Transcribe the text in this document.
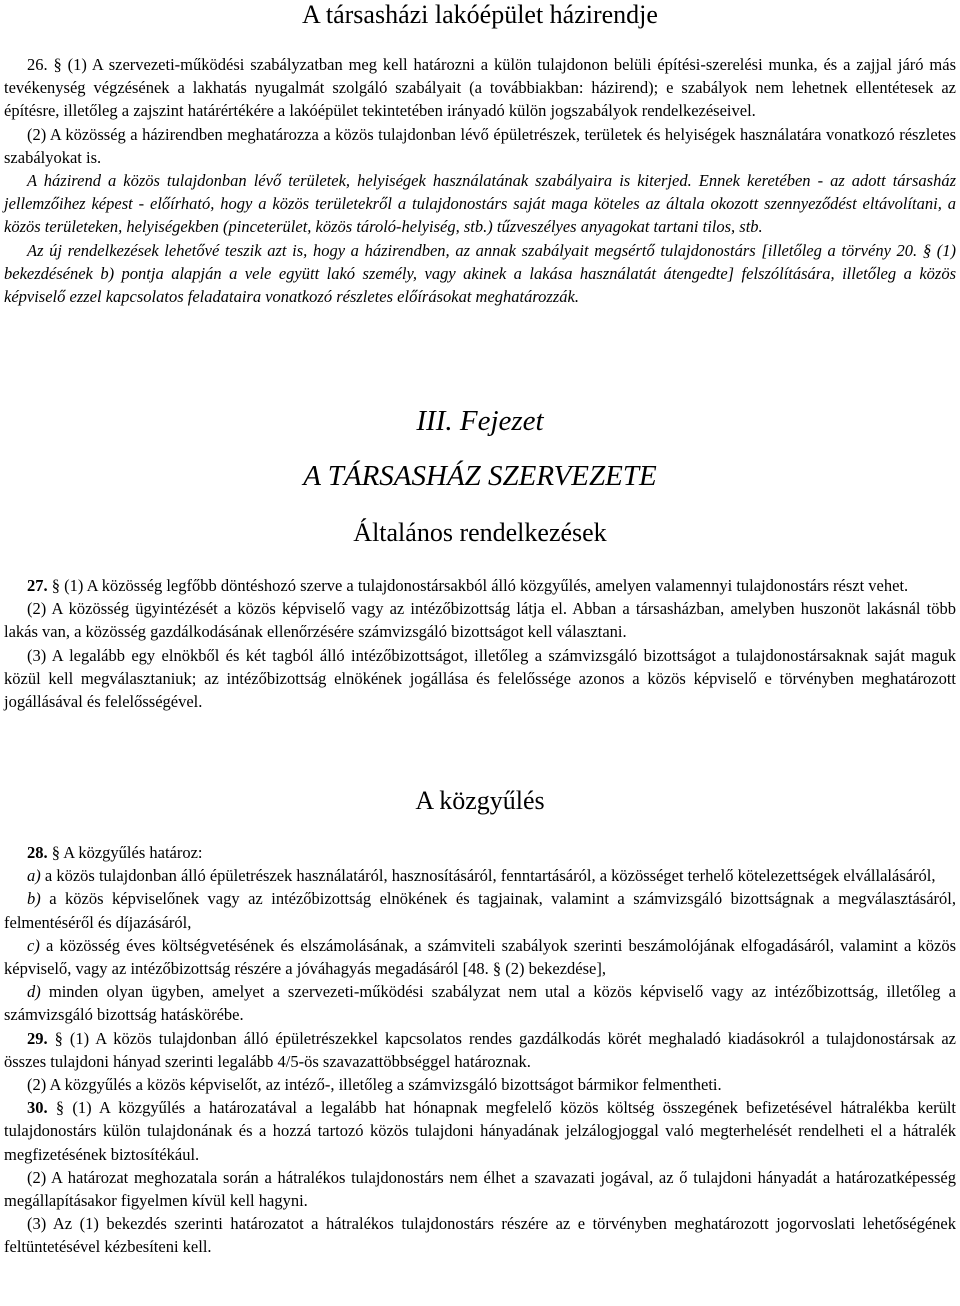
A társasházi lakóépület házirendje

26. § (1) A szervezeti-működési szabályzatban meg kell határozni a külön tulajdonon belüli építési-szerelési munka, és a zajjal járó más tevékenység végzésének a lakhatás nyugalmát szolgáló szabályait (a továbbiakban: házirend); e szabályok nem lehetnek ellentétesek az építésre, illetőleg a zajszint határértékére a lakóépület tekintetében irányadó külön jogszabályok rendelkezéseivel.

(2) A közösség a házirendben meghatározza a közös tulajdonban lévő épületrészek, területek és helyiségek használatára vonatkozó részletes szabályokat is.

A házirend a közös tulajdonban lévő területek, helyiségek használatának szabályaira is kiterjed. Ennek keretében - az adott társasház jellemzőihez képest - előírható, hogy a közös területekről a tulajdonostárs saját maga köteles az általa okozott szennyeződést eltávolítani, a közös területeken, helyiségekben (pinceterület, közös tároló-helyiség, stb.) tűzveszélyes anyagokat tartani tilos, stb.

Az új rendelkezések lehetővé teszik azt is, hogy a házirendben, az annak szabályait megsértő tulajdonostárs [illetőleg a törvény 20. § (1) bekezdésének b) pontja alapján a vele együtt lakó személy, vagy akinek a lakása használatát átengedte] felszólítására, illetőleg a közös képviselő ezzel kapcsolatos feladataira vonatkozó részletes előírásokat meghatározzák.

III. Fejezet
A TÁRSASHÁZ SZERVEZETE
Általános rendelkezések

27. § (1) A közösség legfőbb döntéshozó szerve a tulajdonostársakból álló közgyűlés, amelyen valamennyi tulajdonostárs részt vehet.

(2) A közösség ügyintézését a közös képviselő vagy az intézőbizottság látja el. Abban a társasházban, amelyben huszonöt lakásnál több lakás van, a közösség gazdálkodásának ellenőrzésére számvizsgáló bizottságot kell választani.

(3) A legalább egy elnökből és két tagból álló intézőbizottságot, illetőleg a számvizsgáló bizottságot a tulajdonostársaknak saját maguk közül kell megválasztaniuk; az intézőbizottság elnökének jogállása és felelőssége azonos a közös képviselő e törvényben meghatározott jogállásával és felelősségével.

A közgyűlés

28. § A közgyűlés határoz:

a) a közös tulajdonban álló épületrészek használatáról, hasznosításáról, fenntartásáról, a közösséget terhelő kötelezettségek elvállalásáról,

b) a közös képviselőnek vagy az intézőbizottság elnökének és tagjainak, valamint a számvizsgáló bizottságnak a megválasztásáról, felmentéséről és díjazásáról,

c) a közösség éves költségvetésének és elszámolásának, a számviteli szabályok szerinti beszámolójának elfogadásáról, valamint a közös képviselő, vagy az intézőbizottság részére a jóváhagyás megadásáról [48. § (2) bekezdése],

d) minden olyan ügyben, amelyet a szervezeti-működési szabályzat nem utal a közös képviselő vagy az intézőbizottság, illetőleg a számvizsgáló bizottság hatáskörébe.

29. § (1) A közös tulajdonban álló épületrészekkel kapcsolatos rendes gazdálkodás körét meghaladó kiadásokról a tulajdonostársak az összes tulajdoni hányad szerinti legalább 4/5-ös szavazattöbbséggel határoznak.

(2) A közgyűlés a közös képviselőt, az intéző-, illetőleg a számvizsgáló bizottságot bármikor felmentheti.

30. § (1) A közgyűlés a határozatával a legalább hat hónapnak megfelelő közös költség összegének befizetésével hátralékba került tulajdonostárs külön tulajdonának és a hozzá tartozó közös tulajdoni hányadának jelzálogjoggal való megterhelését rendelheti el a hátralék megfizetésének biztosítékául.

(2) A határozat meghozatala során a hátralékos tulajdonostárs nem élhet a szavazati jogával, az ő tulajdoni hányadát a határozatképesség megállapításakor figyelmen kívül kell hagyni.

(3) Az (1) bekezdés szerinti határozatot a hátralékos tulajdonostárs részére az e törvényben meghatározott jogorvoslati lehetőségének feltüntetésével kézbesíteni kell.
